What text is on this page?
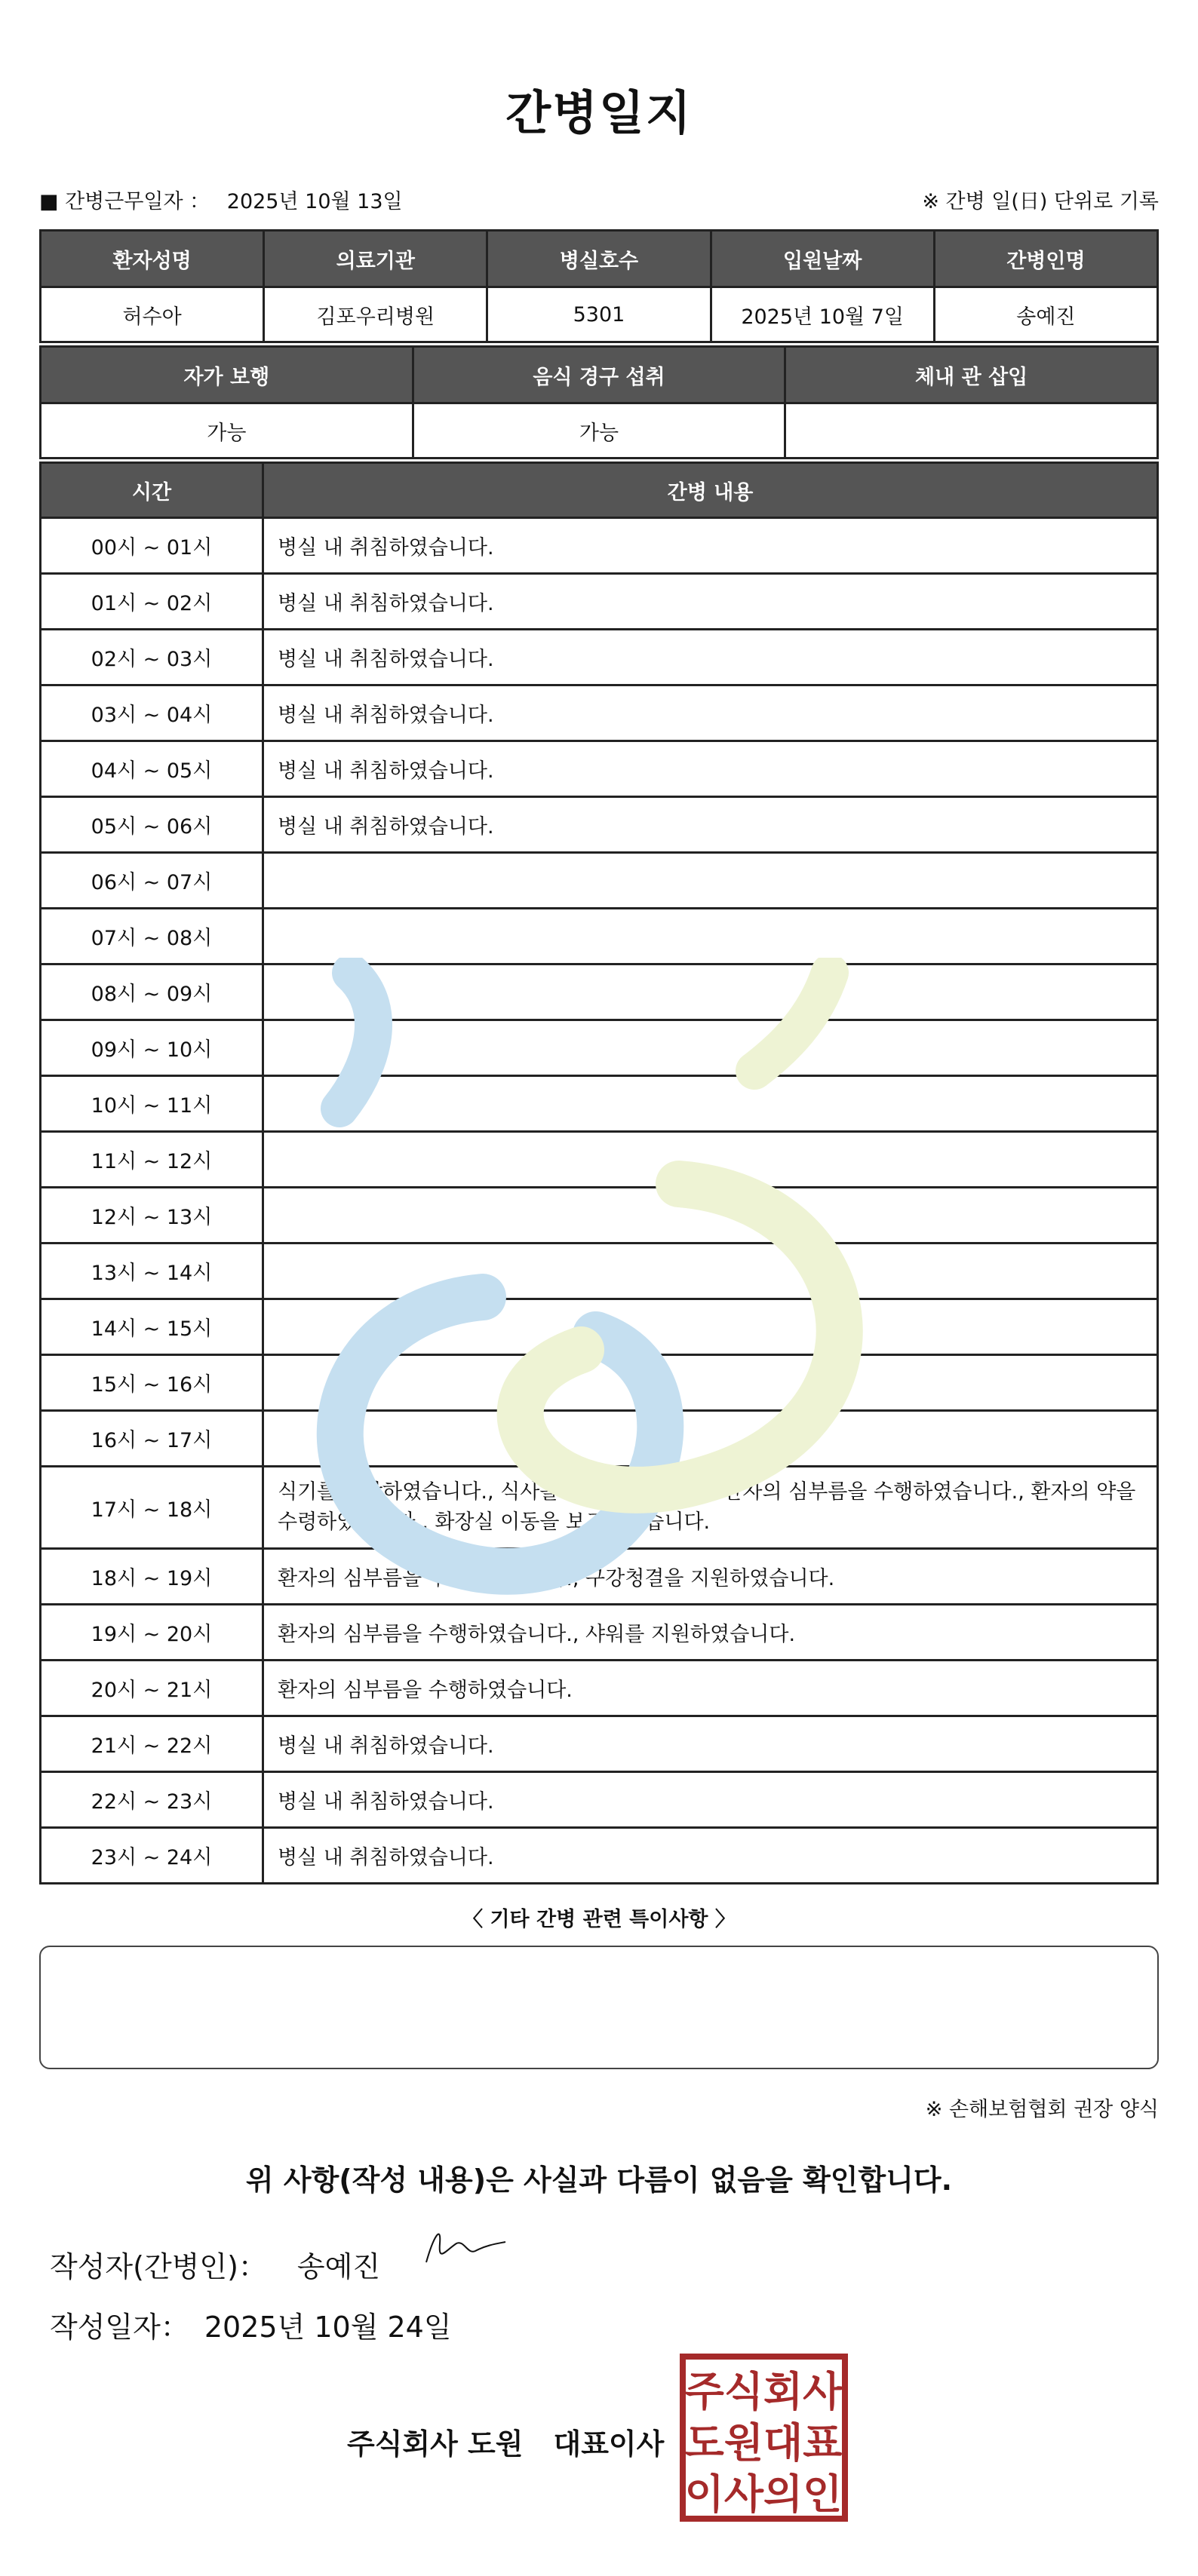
간병일지
■ 간병근무일자 ： 2025년 10월 13일	※ 간병 일(日) 단위로 기록
환자성명	의료기관	병실호수	입원날짜	간병인명
허수아	김포우리병원	5301	2025년 10월 7일	송예진
자가 보행	음식 경구 섭취	체내 관 삽입
가능	가능	
시간	간병 내용
00시 ~ 01시	병실 내 취침하였습니다.
01시 ~ 02시	병실 내 취침하였습니다.
02시 ~ 03시	병실 내 취침하였습니다.
03시 ~ 04시	병실 내 취침하였습니다.
04시 ~ 05시	병실 내 취침하였습니다.
05시 ~ 06시	병실 내 취침하였습니다.
06시 ~ 07시	
07시 ~ 08시	
08시 ~ 09시	
09시 ~ 10시	
10시 ~ 11시	
11시 ~ 12시	
12시 ~ 13시	
13시 ~ 14시	
14시 ~ 15시	
15시 ~ 16시	
16시 ~ 17시	
17시 ~ 18시	식기를 반납하였습니다., 식사를 보조하였습니다., 환자의 심부름을 수행하였습니다., 환자의 약을 수령하였습니다., 화장실 이동을 보조하였습니다.
18시 ~ 19시	환자의 심부름을 수행하였습니다., 구강청결을 지원하였습니다.
19시 ~ 20시	환자의 심부름을 수행하였습니다., 샤워를 지원하였습니다.
20시 ~ 21시	환자의 심부름을 수행하였습니다.
21시 ~ 22시	병실 내 취침하였습니다.
22시 ~ 23시	병실 내 취침하였습니다.
23시 ~ 24시	병실 내 취침하였습니다.
〈 기타 간병 관련 특이사항 〉
※ 손해보험협회 권장 양식
위 사항(작성 내용)은 사실과 다름이 없음을 확인합니다.
작성자(간병인)： 송예진
작성일자： 2025년 10월 24일
주식회사 도원 대표이사
주식회사
도원대표
이사의인
